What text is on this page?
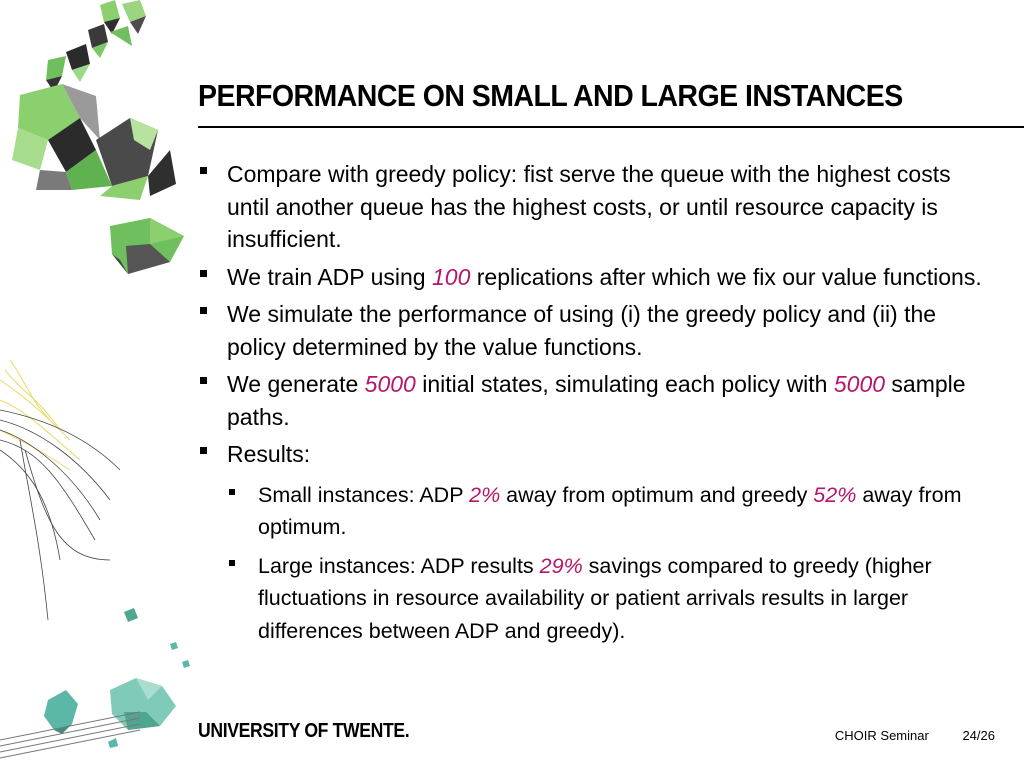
PERFORMANCE ON SMALL AND LARGE INSTANCES
Compare with greedy policy: fist serve the queue with the highest costs until another queue has the highest costs, or until resource capacity is insufficient.
We train ADP using 100 replications after which we fix our value functions.
We simulate the performance of using (i) the greedy policy and (ii) the policy determined by the value functions.
We generate 5000 initial states, simulating each policy with 5000 sample paths.
Results:
Small instances: ADP 2% away from optimum and greedy 52% away from optimum.
Large instances: ADP results 29% savings compared to greedy (higher fluctuations in resource availability or patient arrivals results in larger differences between ADP and greedy).
UNIVERSITY OF TWENTE.	CHOIR Seminar	24/26
